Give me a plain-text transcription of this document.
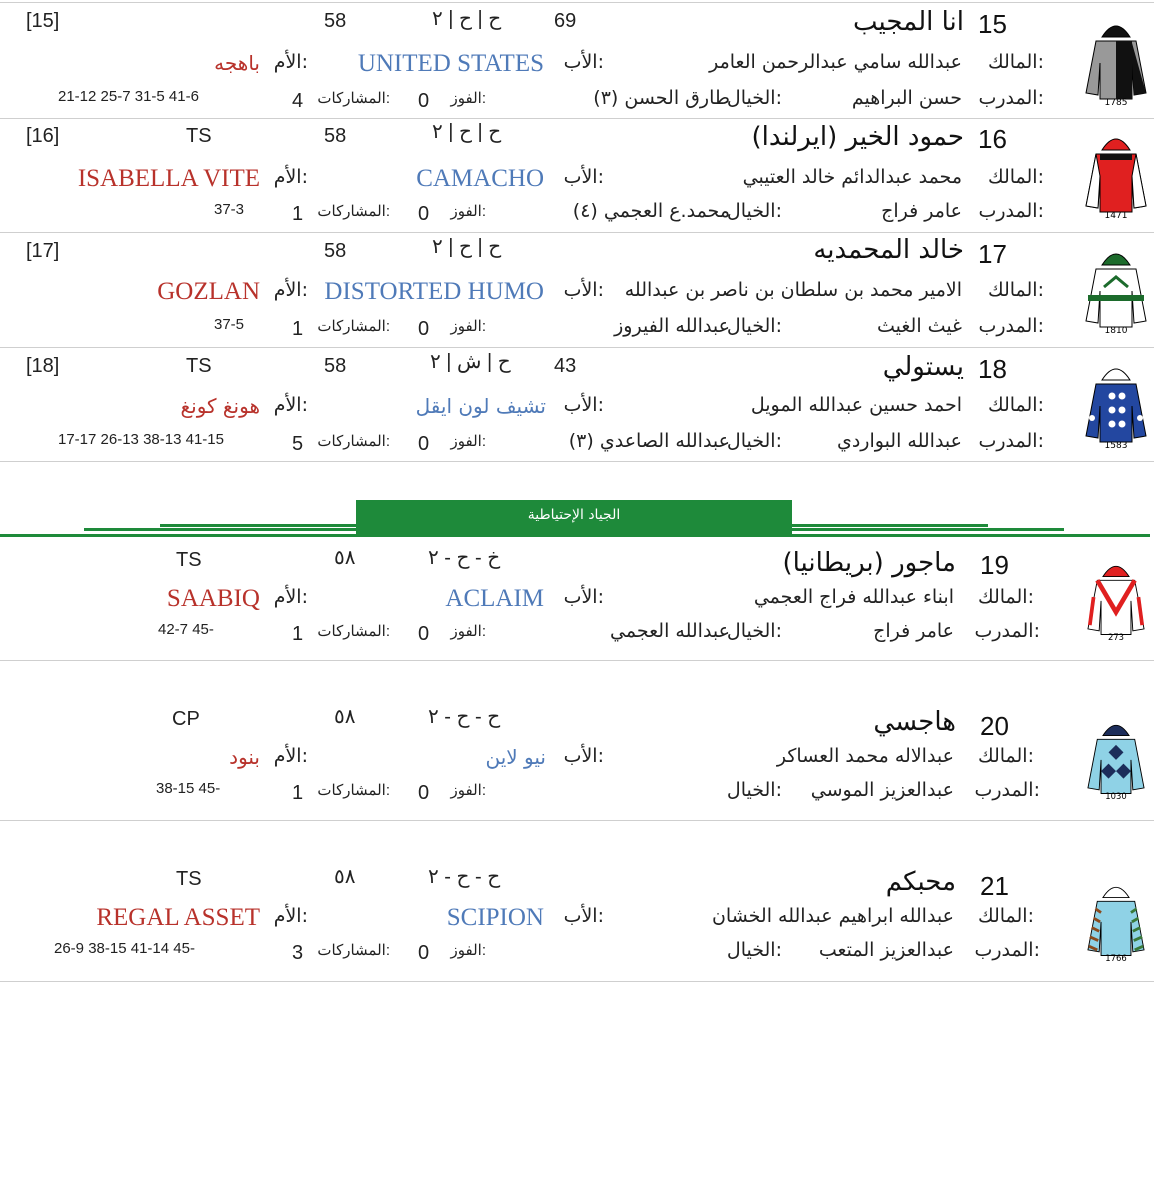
1785
15
انا المجيب
69
ح | ح | ٢
58
[15]
المالك:
عبدالله سامي عبدالرحمن العامر
الأب:
UNITED STATES
الأم:
باهجه
المدرب:
حسن البراهيم
الخيال:
طارق الحسن (٣)
الفوز:
0
المشاركات:
4
21-12 25-7 31-5 41-6
1471
16
حمود الخير (ايرلندا)
ح | ح | ٢
58
TS
[16]
المالك:
محمد عبدالدائم خالد العتيبي
الأب:
CAMACHO
الأم:
ISABELLA VITE
المدرب:
عامر فراج
الخيال:
محمد.ع العجمي (٤)
الفوز:
0
المشاركات:
1
37-3
1810
17
خالد المحمديه
ح | ح | ٢
58
[17]
المالك:
الامير محمد بن سلطان بن ناصر بن عبدالله
الأب:
DISTORTED HUMO
الأم:
GOZLAN
المدرب:
غيث الغيث
الخيال:
عبدالله الفيروز
الفوز:
0
المشاركات:
1
37-5
1583
18
يستولي
43
ح | ش | ٢
58
TS
[18]
المالك:
احمد حسين عبدالله المويل
الأب:
تشيف لون ايقل
الأم:
هونغ كونغ
المدرب:
عبدالله البواردي
الخيال:
عبدالله الصاعدي (٣)
الفوز:
0
المشاركات:
5
17-17 26-13 38-13 41-15
الجياد الإحتياطية
273
19
ماجور (بريطانيا)
خ - ح - ٢
٥٨
TS
المالك:
ابناء عبدالله فراج العجمي
الأب:
ACLAIM
الأم:
SAABIQ
المدرب:
عامر فراج
الخيال:
عبدالله العجمي
الفوز:
0
المشاركات:
1
42-7 45-
1030
20
هاجسي
ح - ح - ٢
٥٨
CP
المالك:
عبدالاله محمد العساكر
الأب:
نيو لاين
الأم:
بنود
المدرب:
عبدالعزيز الموسي
الخيال:
الفوز:
0
المشاركات:
1
38-15 45-
1766
21
محبكم
ح - ح - ٢
٥٨
TS
المالك:
عبدالله ابراهيم عبدالله الخشان
الأب:
SCIPION
الأم:
REGAL ASSET
المدرب:
عبدالعزيز المتعب
الخيال:
الفوز:
0
المشاركات:
3
26-9 38-15 41-14 45-
